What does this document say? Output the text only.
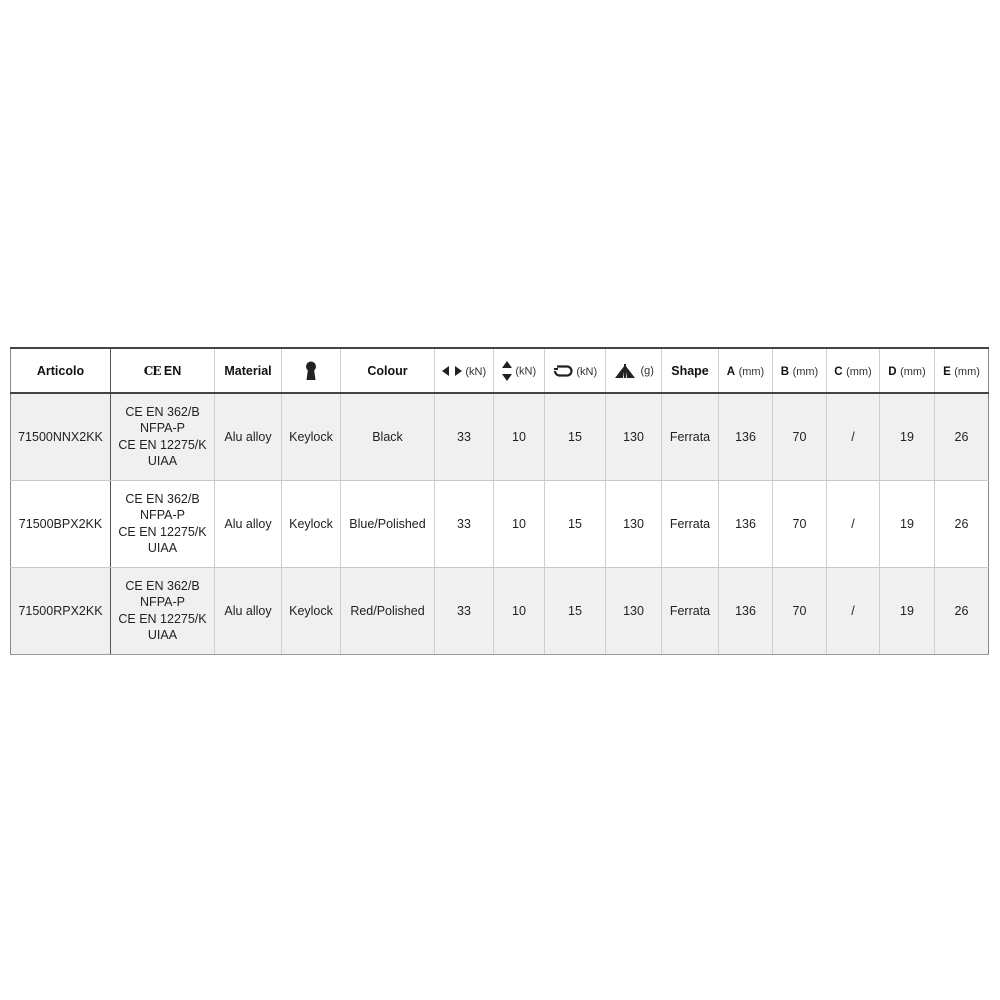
Articolo	CE EN	Material		Colour	(kN)	(kN)	(kN)	(g)	Shape	A (mm)	B (mm)	C (mm)	D (mm)	E (mm)
71500NNX2KK	CE EN 362/B
NFPA-P
CE EN 12275/K
UIAA	Alu alloy	Keylock	Black	33	10	15	130	Ferrata	136	70	/	19	26
71500BPX2KK	CE EN 362/B
NFPA-P
CE EN 12275/K
UIAA	Alu alloy	Keylock	Blue/Polished	33	10	15	130	Ferrata	136	70	/	19	26
71500RPX2KK	CE EN 362/B
NFPA-P
CE EN 12275/K
UIAA	Alu alloy	Keylock	Red/Polished	33	10	15	130	Ferrata	136	70	/	19	26
